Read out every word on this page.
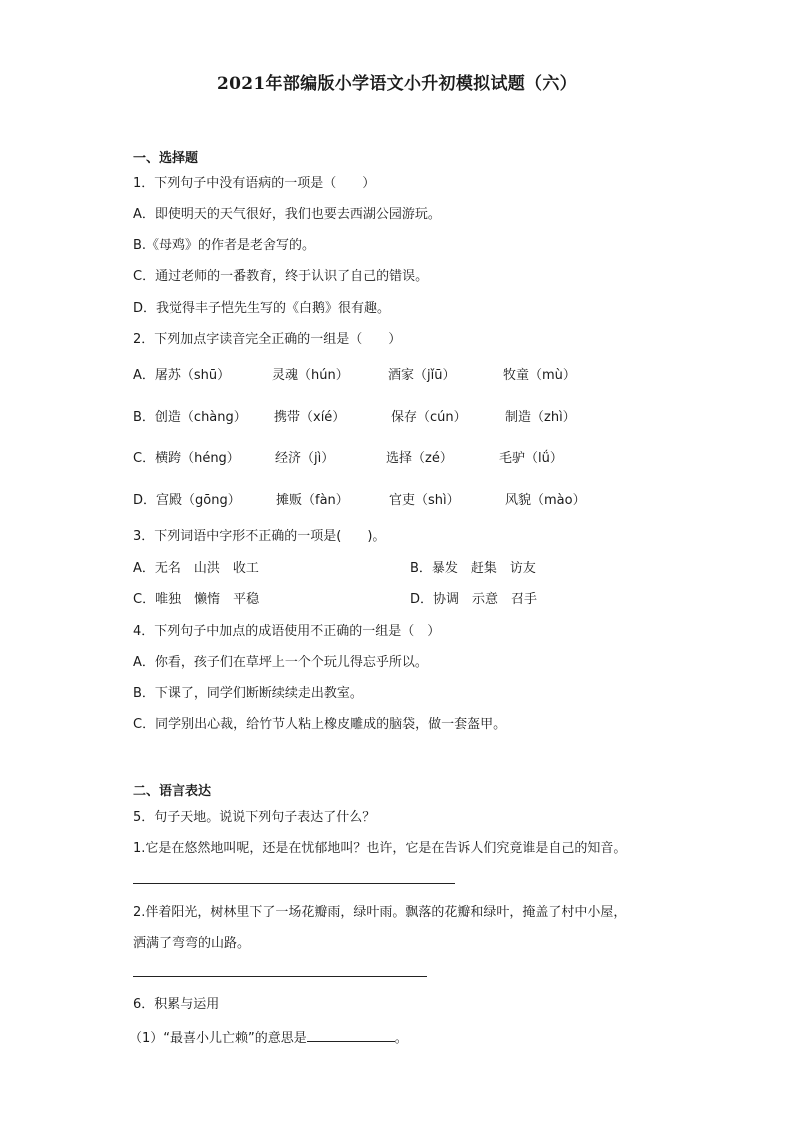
2021年部编版小学语文小升初模拟试题（六）
一、选择题
1．下列句子中没有语病的一项是（　　）
A．即使明天的天气很好，我们也要去西湖公园游玩。
B.《母鸡》的作者是老舍写的。
C．通过老师的一番教育，终于认识了自己的错误。
D．我觉得丰子恺先生写的《白鹅》很有趣。
2．下列加点字读音完全正确的一组是（　　）
A．屠苏（shū）	灵魂（hún）	酒家（jǐū）	牧童（mù）
B．创造（chàng） 携带（xíé）	保存（cún）	制造（zhì）
C．横跨（héng）	经济（jì）	选择（zé）	毛驴（lǘ）
D．宫殿（gōng）	摊贩（fàn）	官吏（shì）	风貌（mào）
3．下列词语中字形不正确的一项是(　　)。
A．无名　山洪　收工	B．暴发　赶集　访友
C．唯独　懒惰　平稳	D．协调　示意　召手
4．下列句子中加点的成语使用不正确的一组是（　）
A．你看，孩子们在草坪上一个个玩儿得忘乎所以。
B．下课了，同学们断断续续走出教室。
C．同学别出心裁，给竹节人粘上橡皮雕成的脑袋，做一套盔甲。
二、语言表达
5．句子天地。说说下列句子表达了什么？
1.它是在悠然地叫呢，还是在忧郁地叫？也许，它是在告诉人们究竟谁是自己的知音。
2.伴着阳光，树林里下了一场花瓣雨，绿叶雨。飘落的花瓣和绿叶，掩盖了村中小屋，
洒满了弯弯的山路。
6．积累与运用
（1）“最喜小儿亡赖”的意思是	。
